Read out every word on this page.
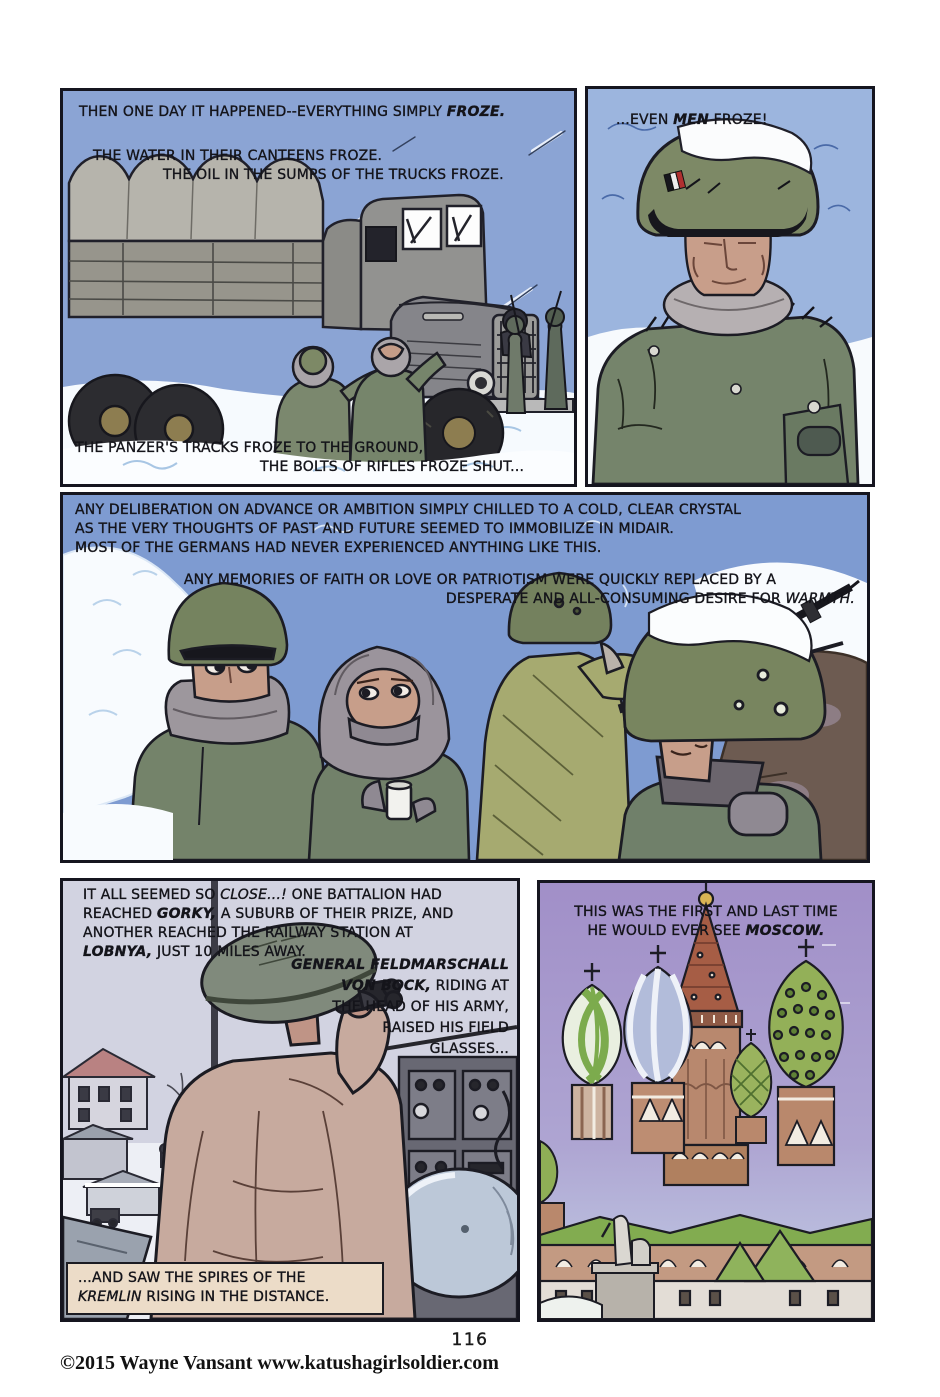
THEN ONE DAY IT HAPPENED--EVERYTHING SIMPLY FROZE.
THE WATER IN THEIR CANTEENS FROZE.
THE OIL IN THE SUMPS OF THE TRUCKS FROZE.
THE PANZER'S TRACKS FROZE TO THE GROUND,
THE BOLTS OF RIFLES FROZE SHUT...
...EVEN MEN FROZE!
ANY DELIBERATION ON ADVANCE OR AMBITION SIMPLY CHILLED TO A COLD, CLEAR CRYSTAL
AS THE VERY THOUGHTS OF PAST AND FUTURE SEEMED TO IMMOBILIZE IN MIDAIR.
MOST OF THE GERMANS HAD NEVER EXPERIENCED ANYTHING LIKE THIS.
ANY MEMORIES OF FAITH OR LOVE OR PATRIOTISM WERE QUICKLY REPLACED BY A
DESPERATE AND ALL-CONSUMING DESIRE FOR WARMTH.
IT ALL SEEMED SO CLOSE...! ONE BATTALION HAD
REACHED GORKY, A SUBURB OF THEIR PRIZE, AND
ANOTHER REACHED THE RAILWAY STATION AT
LOBNYA, JUST 10 MILES AWAY.
GENERAL FELDMARSCHALL
VON BOCK, RIDING AT
THE HEAD OF HIS ARMY,
RAISED HIS FIELD
GLASSES...
...AND SAW THE SPIRES OF THE
KREMLIN RISING IN THE DISTANCE.
THIS WAS THE FIRST AND LAST TIME
HE WOULD EVER SEE MOSCOW.
116
©2015 Wayne Vansant www.katushagirlsoldier.com
